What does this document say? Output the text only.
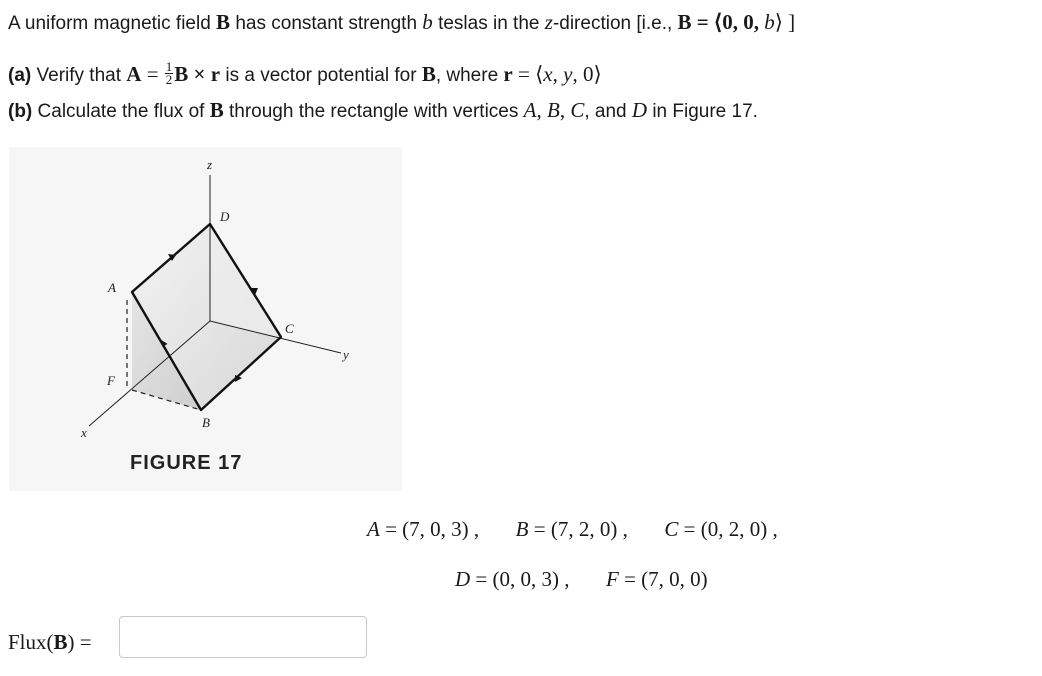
A uniform magnetic field B has constant strength b teslas in the z-direction [i.e., B = ⟨0, 0, b⟩ ]
(a) Verify that $A = \frac{1}{2}$ B × r is a vector potential for B, where r = ⟨x, y, 0⟩
(b) Calculate the flux of B through the rectangle with vertices A, B, C, and D in Figure 17.
z
y
x
A
B
C
D
F
FIGURE 17
A = (7, 0, 3) , B = (7, 2, 0) , C = (0, 2, 0) ,
D = (0, 0, 3) , F = (7, 0, 0)
Flux(B) =
